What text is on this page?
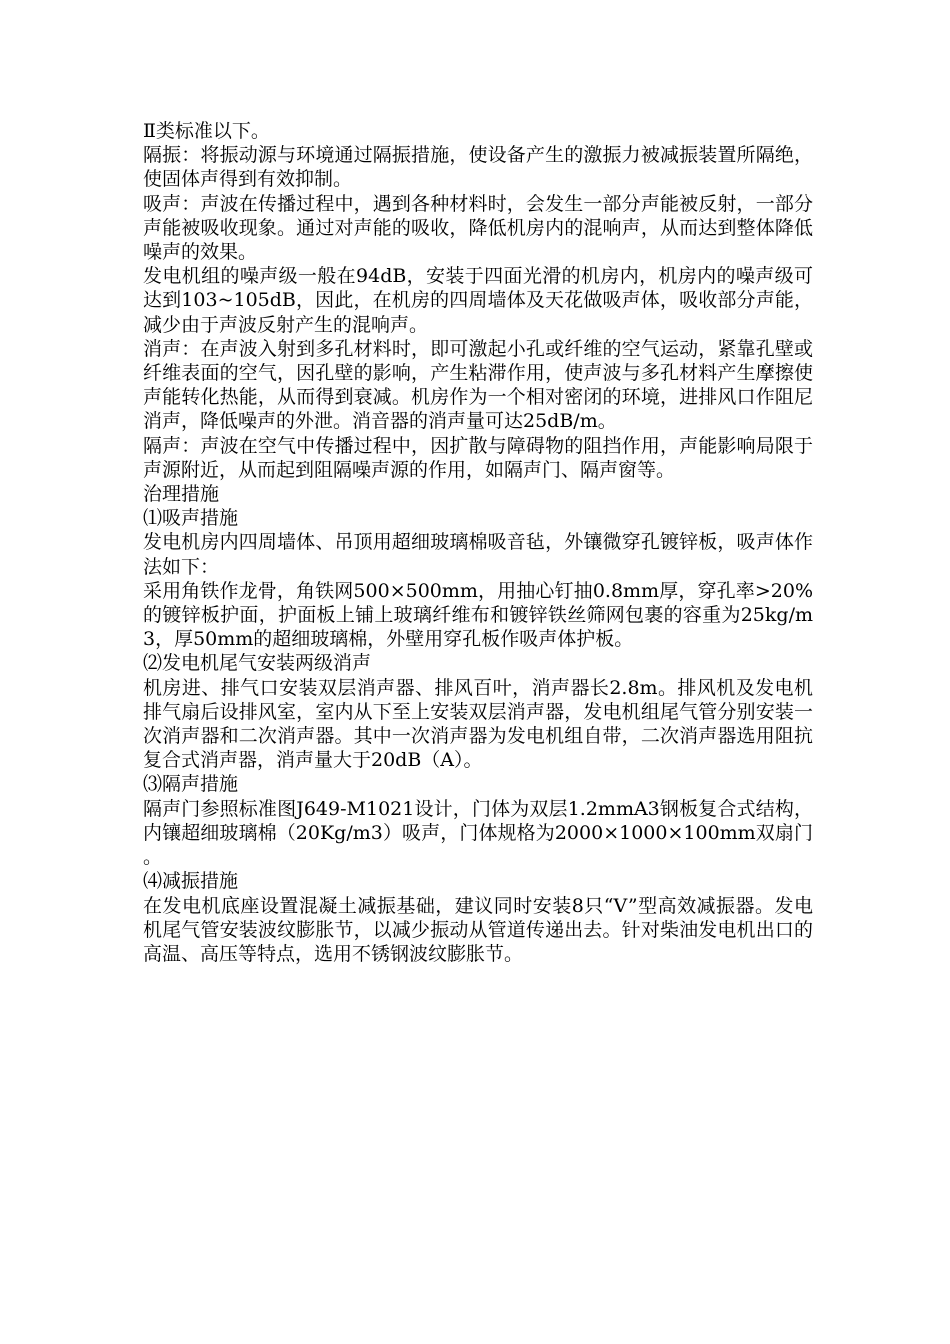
Ⅱ类标准以下。

隔振：将振动源与环境通过隔振措施，使设备产生的激振力被减振装置所隔绝，使固体声得到有效抑制。

吸声：声波在传播过程中，遇到各种材料时，会发生一部分声能被反射，一部分声能被吸收现象。通过对声能的吸收，降低机房内的混响声，从而达到整体降低噪声的效果。

发电机组的噪声级一般在94dB，安装于四面光滑的机房内，机房内的噪声级可达到103~105dB，因此，在机房的四周墙体及天花做吸声体，吸收部分声能，减少由于声波反射产生的混响声。

消声：在声波入射到多孔材料时，即可激起小孔或纤维的空气运动，紧靠孔壁或纤维表面的空气，因孔壁的影响，产生粘滞作用，使声波与多孔材料产生摩擦使声能转化热能，从而得到衰减。机房作为一个相对密闭的环境，进排风口作阻尼消声，降低噪声的外泄。消音器的消声量可达25dB/m。

隔声：声波在空气中传播过程中，因扩散与障碍物的阻挡作用，声能影响局限于声源附近，从而起到阻隔噪声源的作用，如隔声门、隔声窗等。

治理措施

⑴吸声措施

发电机房内四周墙体、吊顶用超细玻璃棉吸音毡，外镶微穿孔镀锌板，吸声体作法如下：

采用角铁作龙骨，角铁网500×500mm，用抽心钉抽0.8mm厚，穿孔率>20%的镀锌板护面，护面板上铺上玻璃纤维布和镀锌铁丝筛网包裹的容重为25kg/m3，厚50mm的超细玻璃棉，外壁用穿孔板作吸声体护板。

⑵发电机尾气安装两级消声

机房进、排气口安装双层消声器、排风百叶，消声器长2.8m。排风机及发电机排气扇后设排风室，室内从下至上安装双层消声器，发电机组尾气管分别安装一次消声器和二次消声器。其中一次消声器为发电机组自带，二次消声器选用阻抗复合式消声器，消声量大于20dB（A）。

⑶隔声措施

隔声门参照标准图J649-M1021设计，门体为双层1.2mmA3钢板复合式结构，内镶超细玻璃棉（20Kg/m3）吸声，门体规格为2000×1000×100mm双扇门。

⑷减振措施

在发电机底座设置混凝土减振基础，建议同时安装8只“V”型高效减振器。发电机尾气管安装波纹膨胀节，以减少振动从管道传递出去。针对柴油发电机出口的高温、高压等特点，选用不锈钢波纹膨胀节。
